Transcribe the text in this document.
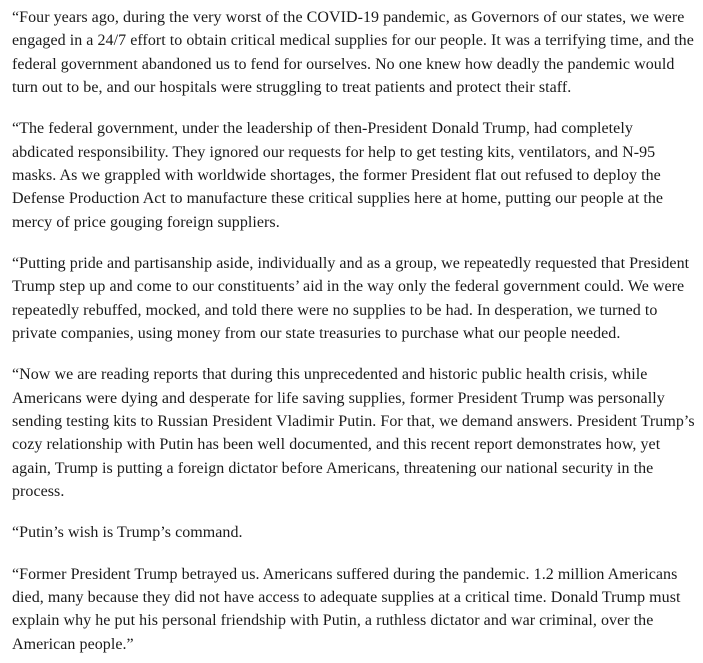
“Four years ago, during the very worst of the COVID-19 pandemic, as Governors of our states, we were engaged in a 24/7 effort to obtain critical medical supplies for our people. It was a terrifying time, and the federal government abandoned us to fend for ourselves. No one knew how deadly the pandemic would turn out to be, and our hospitals were struggling to treat patients and protect their staff.

“The federal government, under the leadership of then-President Donald Trump, had completely abdicated responsibility. They ignored our requests for help to get testing kits, ventilators, and N-95 masks. As we grappled with worldwide shortages, the former President flat out refused to deploy the Defense Production Act to manufacture these critical supplies here at home, putting our people at the mercy of price gouging foreign suppliers.

“Putting pride and partisanship aside, individually and as a group, we repeatedly requested that President Trump step up and come to our constituents’ aid in the way only the federal government could. We were repeatedly rebuffed, mocked, and told there were no supplies to be had. In desperation, we turned to private companies, using money from our state treasuries to purchase what our people needed.

“Now we are reading reports that during this unprecedented and historic public health crisis, while Americans were dying and desperate for life saving supplies, former President Trump was personally sending testing kits to Russian President Vladimir Putin. For that, we demand answers. President Trump’s cozy relationship with Putin has been well documented, and this recent report demonstrates how, yet again, Trump is putting a foreign dictator before Americans, threatening our national security in the process.

“Putin’s wish is Trump’s command.

“Former President Trump betrayed us. Americans suffered during the pandemic. 1.2 million Americans died, many because they did not have access to adequate supplies at a critical time. Donald Trump must explain why he put his personal friendship with Putin, a ruthless dictator and war criminal, over the American people.”
